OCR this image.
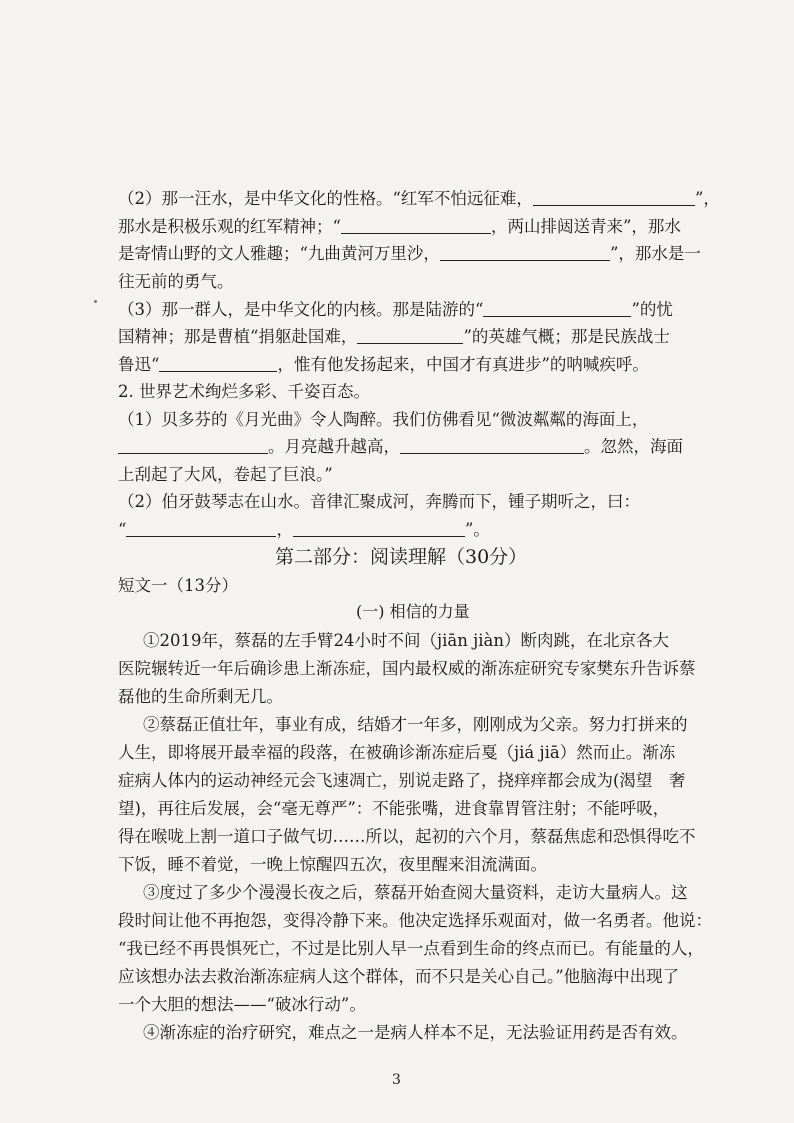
（2）那一汪水，是中华文化的性格。“红军不怕远征难，	”，
那水是积极乐观的红军精神；“	，两山排闼送青来”，那水
是寄情山野的文人雅趣；“九曲黄河万里沙，	”，那水是一
往无前的勇气。
（3）那一群人，是中华文化的内核。那是陆游的“	”的忧
国精神；那是曹植“捐躯赴国难，	”的英雄气概；那是民族战士
鲁迅“	，惟有他发扬起来，中国才有真进步”的呐喊疾呼。
2. 世界艺术绚烂多彩、千姿百态。
（1）贝多芬的《月光曲》令人陶醉。我们仿佛看见“微波粼粼的海面上，
。月亮越升越高，	。忽然，海面
上刮起了大风，卷起了巨浪。”
（2）伯牙鼓琴志在山水。音律汇聚成河，奔腾而下，锺子期听之，曰：
“	，	”。
第二部分：阅读理解（30分）
短文一（13分）
(一) 相信的力量
①2019年，蔡磊的左手臂24小时不间（jiān jiàn）断肉跳，在北京各大
医院辗转近一年后确诊患上渐冻症，国内最权威的渐冻症研究专家樊东升告诉蔡
磊他的生命所剩无几。
②蔡磊正值壮年，事业有成，结婚才一年多，刚刚成为父亲。努力打拼来的
人生，即将展开最幸福的段落，在被确诊渐冻症后戛（jiá jiā）然而止。渐冻
症病人体内的运动神经元会飞速凋亡，别说走路了，挠痒痒都会成为(渴望　奢
望)，再往后发展，会“毫无尊严”：不能张嘴，进食靠胃管注射；不能呼吸，
得在喉咙上割一道口子做气切……所以，起初的六个月，蔡磊焦虑和恐惧得吃不
下饭，睡不着觉，一晚上惊醒四五次，夜里醒来泪流满面。
③度过了多少个漫漫长夜之后，蔡磊开始查阅大量资料，走访大量病人。这
段时间让他不再抱怨，变得冷静下来。他决定选择乐观面对，做一名勇者。他说：
“我已经不再畏惧死亡，不过是比别人早一点看到生命的终点而已。有能量的人，
应该想办法去救治渐冻症病人这个群体，而不只是关心自己。”他脑海中出现了
一个大胆的想法——“破冰行动”。
④渐冻症的治疗研究，难点之一是病人样本不足，无法验证用药是否有效。
3
